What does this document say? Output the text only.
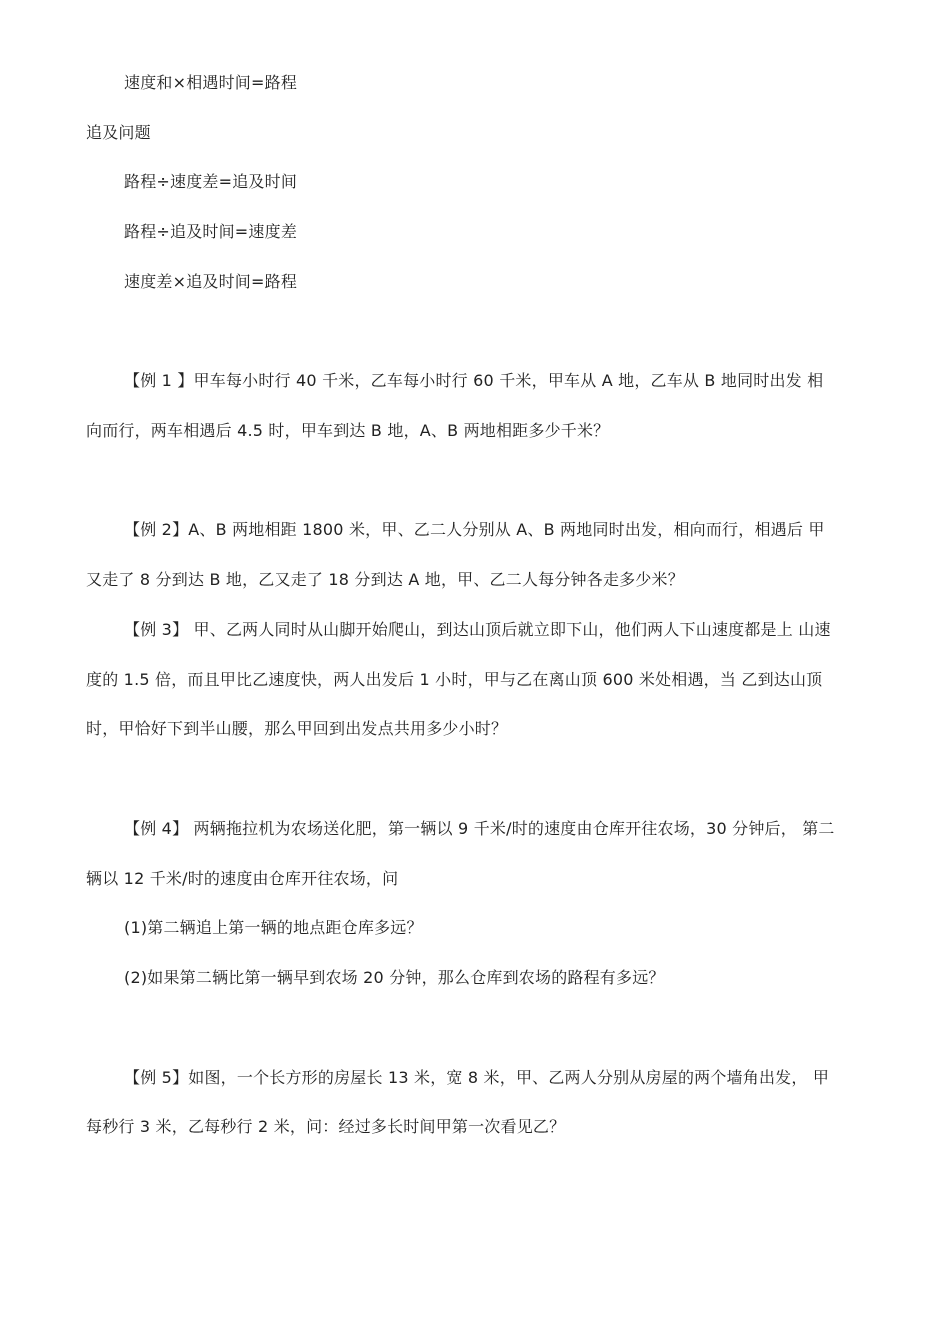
速度和×相遇时间=路程
追及问题
路程÷速度差=追及时间
路程÷追及时间=速度差
速度差×追及时间=路程
【例 1 】甲车每小时行 40 千米，乙车每小时行 60 千米，甲车从 A 地，乙车从 B 地同时出发 相
向而行，两车相遇后 4.5 时，甲车到达 B 地，A、B 两地相距多少千米？
【例 2】A、B 两地相距 1800 米，甲、乙二人分别从 A、B 两地同时出发，相向而行，相遇后 甲
又走了 8 分到达 B 地，乙又走了 18 分到达 A 地，甲、乙二人每分钟各走多少米？
【例 3】 甲、乙两人同时从山脚开始爬山，到达山顶后就立即下山，他们两人下山速度都是上 山速
度的 1.5 倍，而且甲比乙速度快，两人出发后 1 小时，甲与乙在离山顶 600 米处相遇，当 乙到达山顶
时，甲恰好下到半山腰，那么甲回到出发点共用多少小时？
【例 4】 两辆拖拉机为农场送化肥，第一辆以 9 千米/时的速度由仓库开往农场，30 分钟后， 第二
辆以 12 千米/时的速度由仓库开往农场，问
(1)第二辆追上第一辆的地点距仓库多远？
(2)如果第二辆比第一辆早到农场 20 分钟，那么仓库到农场的路程有多远？
【例 5】如图，一个长方形的房屋长 13 米，宽 8 米，甲、乙两人分别从房屋的两个墙角出发， 甲
每秒行 3 米，乙每秒行 2 米，问：经过多长时间甲第一次看见乙？
